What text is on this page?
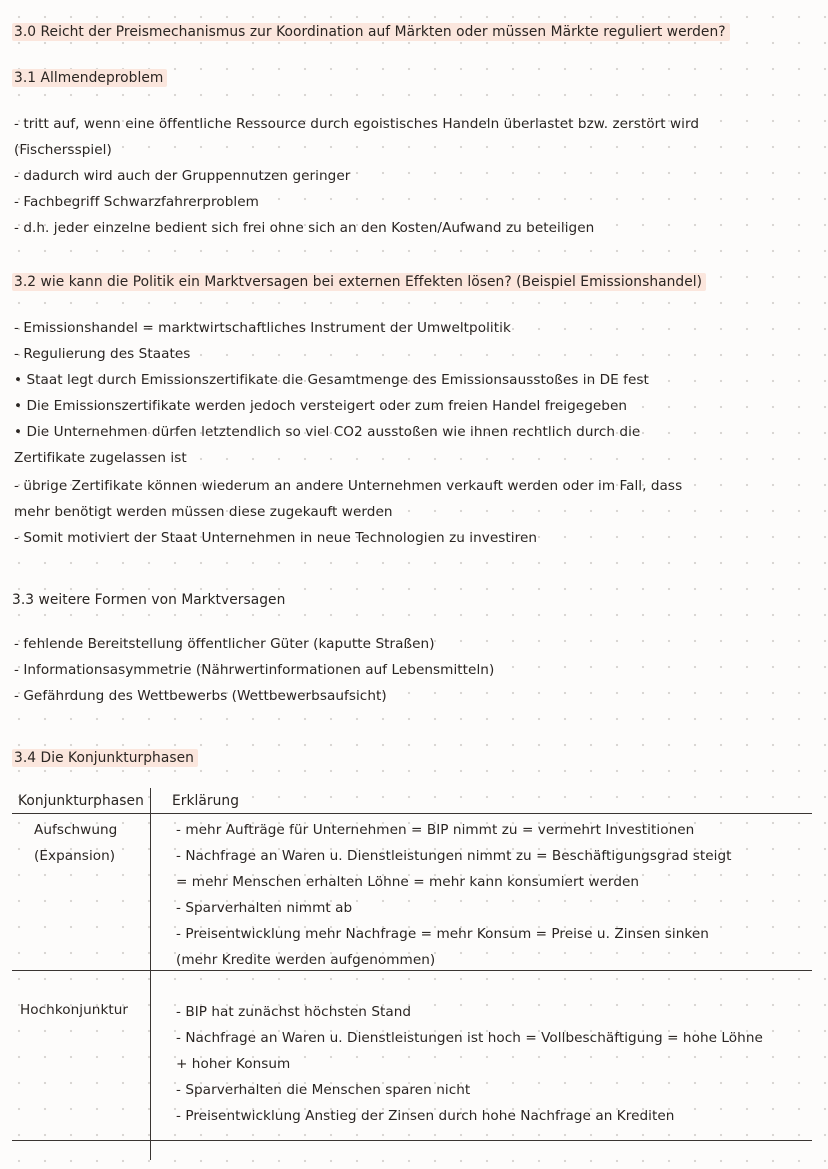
3.0 Reicht der Preismechanismus zur Koordination auf Märkten oder müssen Märkte reguliert werden?
3.1 Allmendeproblem
- tritt auf, wenn eine öffentliche Ressource durch egoistisches Handeln überlastet bzw. zerstört wird
(Fischersspiel)
- dadurch wird auch der Gruppennutzen geringer
- Fachbegriff Schwarzfahrerproblem
- d.h. jeder einzelne bedient sich frei ohne sich an den Kosten/Aufwand zu beteiligen
3.2 wie kann die Politik ein Marktversagen bei externen Effekten lösen? (Beispiel Emissionshandel)
- Emissionshandel = marktwirtschaftliches Instrument der Umweltpolitik
- Regulierung des Staates
• Staat legt durch Emissionszertifikate die Gesamtmenge des Emissionsausstoßes in DE fest
• Die Emissionszertifikate werden jedoch versteigert oder zum freien Handel freigegeben
• Die Unternehmen dürfen letztendlich so viel CO2 ausstoßen wie ihnen rechtlich durch die
Zertifikate zugelassen ist
- übrige Zertifikate können wiederum an andere Unternehmen verkauft werden oder im Fall, dass
mehr benötigt werden müssen diese zugekauft werden
- Somit motiviert der Staat Unternehmen in neue Technologien zu investiren
3.3 weitere Formen von Marktversagen
- fehlende Bereitstellung öffentlicher Güter (kaputte Straßen)
- Informationsasymmetrie (Nährwertinformationen auf Lebensmitteln)
- Gefährdung des Wettbewerbs (Wettbewerbsaufsicht)
3.4 Die Konjunkturphasen
Konjunkturphasen Erklärung
Aufschwung
(Expansion)
- mehr Aufträge für Unternehmen = BIP nimmt zu = vermehrt Investitionen
- Nachfrage an Waren u. Dienstleistungen nimmt zu = Beschäftigungsgrad steigt
= mehr Menschen erhalten Löhne = mehr kann konsumiert werden
- Sparverhalten nimmt ab
- Preisentwicklung mehr Nachfrage = mehr Konsum = Preise u. Zinsen sinken
(mehr Kredite werden aufgenommen)
Hochkonjunktur	- BIP hat zunächst höchsten Stand
- Nachfrage an Waren u. Dienstleistungen ist hoch = Vollbeschäftigung = hohe Löhne
+ hoher Konsum
- Sparverhalten die Menschen sparen nicht
- Preisentwicklung Anstieg der Zinsen durch hohe Nachfrage an Krediten
